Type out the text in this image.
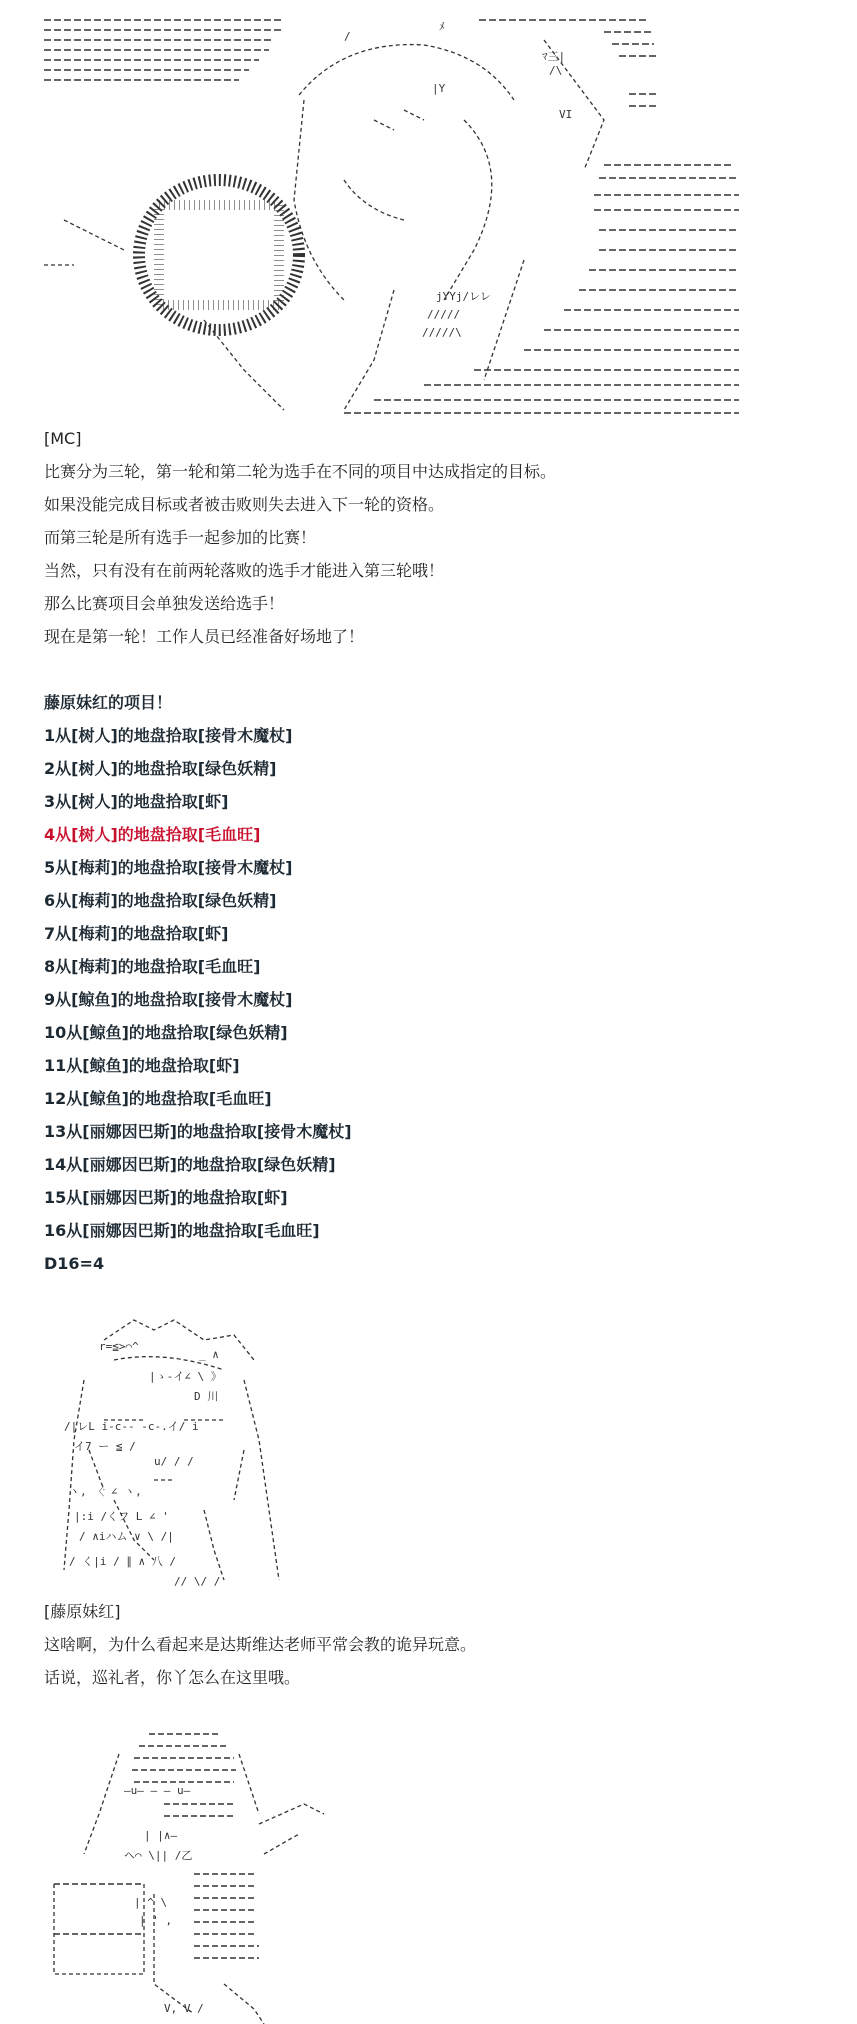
/
ﾒ
ﾏ三|
/\
VI
|Y
jYYj/レレ
/////
/////\

[MC]

比赛分为三轮，第一轮和第二轮为选手在不同的项目中达成指定的目标。

如果没能完成目标或者被击败则失去进入下一轮的资格。

而第三轮是所有选手一起参加的比赛！

当然，只有没有在前两轮落败的选手才能进入第三轮哦！

那么比赛项目会单独发送给选手！

现在是第一轮！工作人员已经准备好场地了！

藤原妹红的项目！

1从[树人]的地盘拾取[接骨木魔杖]

2从[树人]的地盘拾取[绿色妖精]

3从[树人]的地盘拾取[虾]

4从[树人]的地盘拾取[毛血旺]

5从[梅莉]的地盘拾取[接骨木魔杖]

6从[梅莉]的地盘拾取[绿色妖精]

7从[梅莉]的地盘拾取[虾]

8从[梅莉]的地盘拾取[毛血旺]

9从[鲸鱼]的地盘拾取[接骨木魔杖]

10从[鲸鱼]的地盘拾取[绿色妖精]

11从[鲸鱼]的地盘拾取[虾]

12从[鲸鱼]的地盘拾取[毛血旺]

13从[丽娜因巴斯]的地盘拾取[接骨木魔杖]

14从[丽娜因巴斯]的地盘拾取[绿色妖精]

15从[丽娜因巴斯]的地盘拾取[虾]

16从[丽娜因巴斯]的地盘拾取[毛血旺]

D16=4

r=≦>⌒^
_ ∧
|ゝ-イ∠ \ 》
D 川
/|レL i-c-- -c-.イ/ i
イ7 ー ≦ /
u/ / /
ヽ, 〈 ∠ ヽ,
|:i /くフ L ∠ '
/ ∧iハム ∨ \ /|
/ く|i / ∥ ∧ 八 /
// \/ /

[藤原妹红]

这啥啊，为什么看起来是达斯维达老师平常会教的诡异玩意。

话说，巡礼者，你丫怎么在这里哦。

—u— — — u—
| |∧—
ヘ⌒ \|| /乙
| ^ \
| ' ,
V, V /
